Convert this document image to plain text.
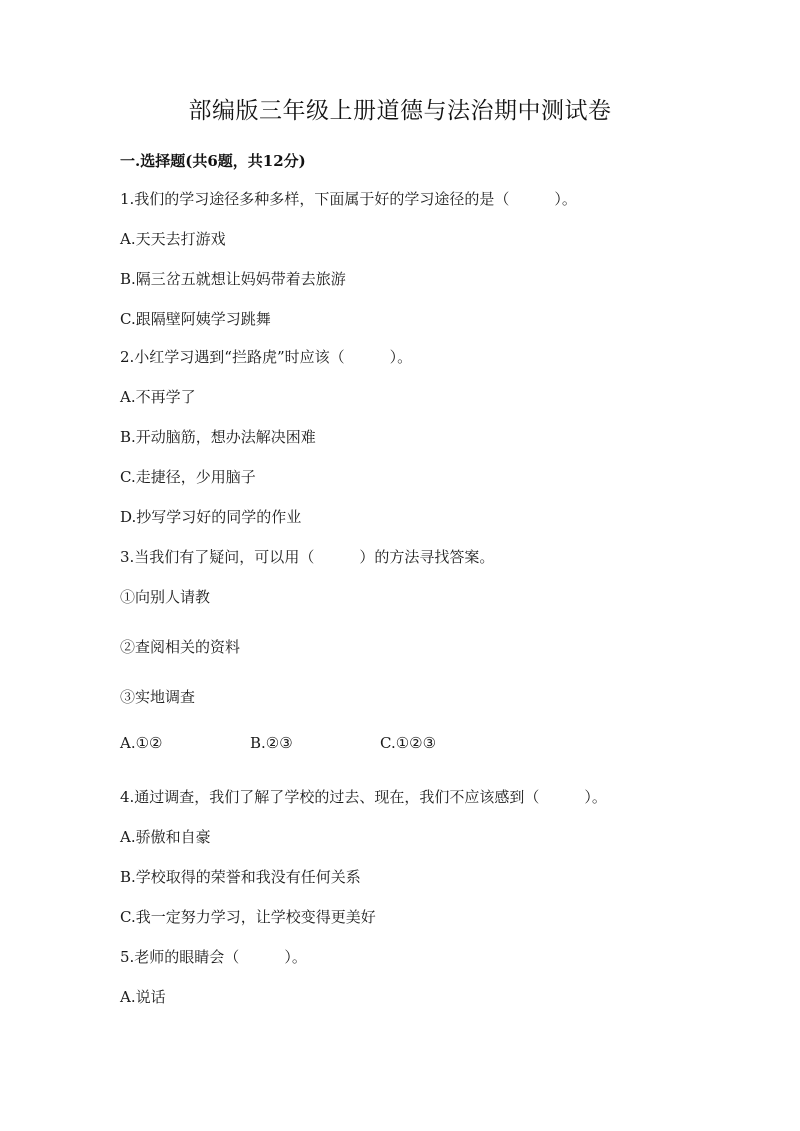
部编版三年级上册道德与法治期中测试卷
一.选择题(共6题，共12分)
1.我们的学习途径多种多样，下面属于好的学习途径的是（　　　）。
A.天天去打游戏
B.隔三岔五就想让妈妈带着去旅游
C.跟隔壁阿姨学习跳舞
2.小红学习遇到“拦路虎”时应该（　　　）。
A.不再学了
B.开动脑筋，想办法解决困难
C.走捷径，少用脑子
D.抄写学习好的同学的作业
3.当我们有了疑问，可以用（　　　）的方法寻找答案。
①向别人请教
②查阅相关的资料
③实地调查
A.①②	B.②③	C.①②③
4.通过调查，我们了解了学校的过去、现在，我们不应该感到（　　　）。
A.骄傲和自豪
B.学校取得的荣誉和我没有任何关系
C.我一定努力学习，让学校变得更美好
5.老师的眼睛会（　　　）。
A.说话
